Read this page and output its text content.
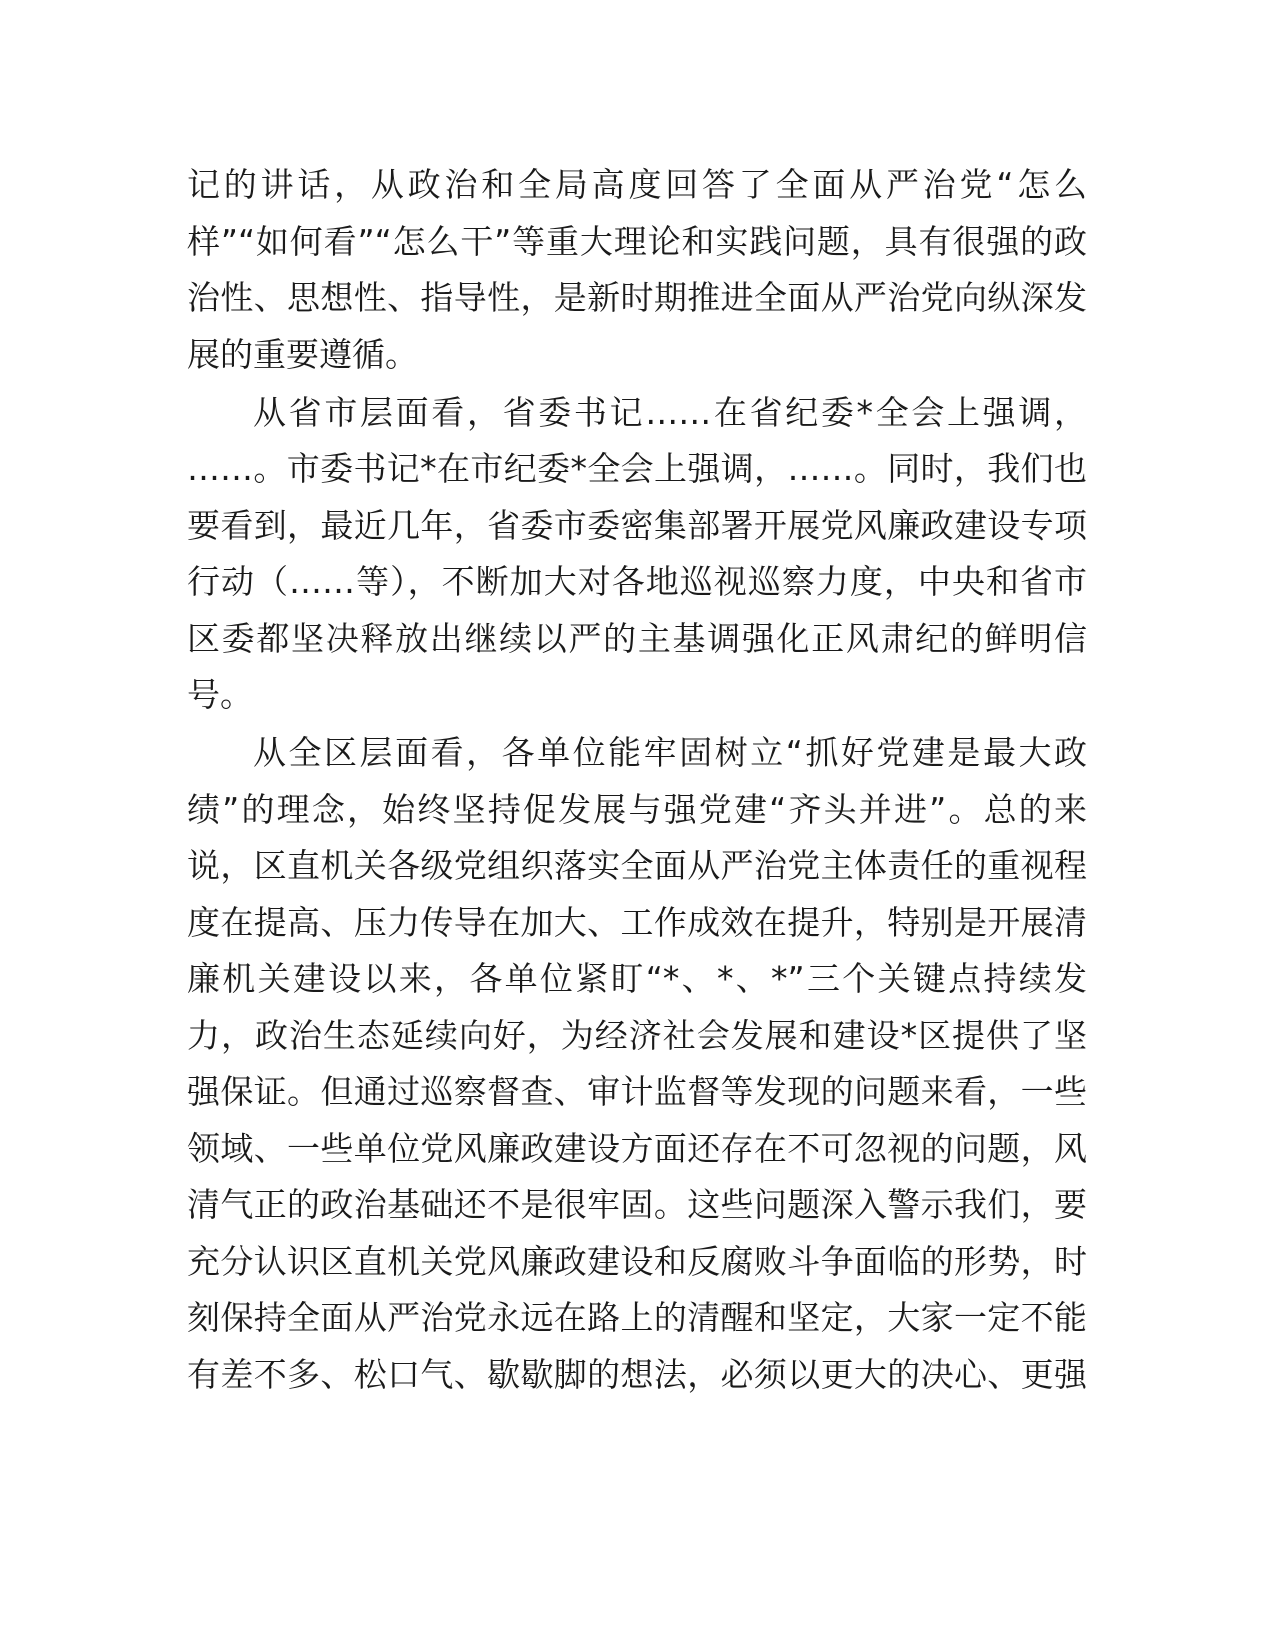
记的讲话，从政治和全局高度回答了全面从严治党“怎么
样”“如何看”“怎么干”等重大理论和实践问题，具有很强的政
治性、思想性、指导性，是新时期推进全面从严治党向纵深发
展的重要遵循。
从省市层面看，省委书记……在省纪委*全会上强调，
……。市委书记*在市纪委*全会上强调，……。同时，我们也
要看到，最近几年，省委市委密集部署开展党风廉政建设专项
行动（……等），不断加大对各地巡视巡察力度，中央和省市
区委都坚决释放出继续以严的主基调强化正风肃纪的鲜明信
号。
从全区层面看，各单位能牢固树立“抓好党建是最大政
绩”的理念，始终坚持促发展与强党建“齐头并进”。总的来
说，区直机关各级党组织落实全面从严治党主体责任的重视程
度在提高、压力传导在加大、工作成效在提升，特别是开展清
廉机关建设以来，各单位紧盯“*、*、*”三个关键点持续发
力，政治生态延续向好，为经济社会发展和建设*区提供了坚
强保证。但通过巡察督查、审计监督等发现的问题来看，一些
领域、一些单位党风廉政建设方面还存在不可忽视的问题，风
清气正的政治基础还不是很牢固。这些问题深入警示我们，要
充分认识区直机关党风廉政建设和反腐败斗争面临的形势，时
刻保持全面从严治党永远在路上的清醒和坚定，大家一定不能
有差不多、松口气、歇歇脚的想法，必须以更大的决心、更强
